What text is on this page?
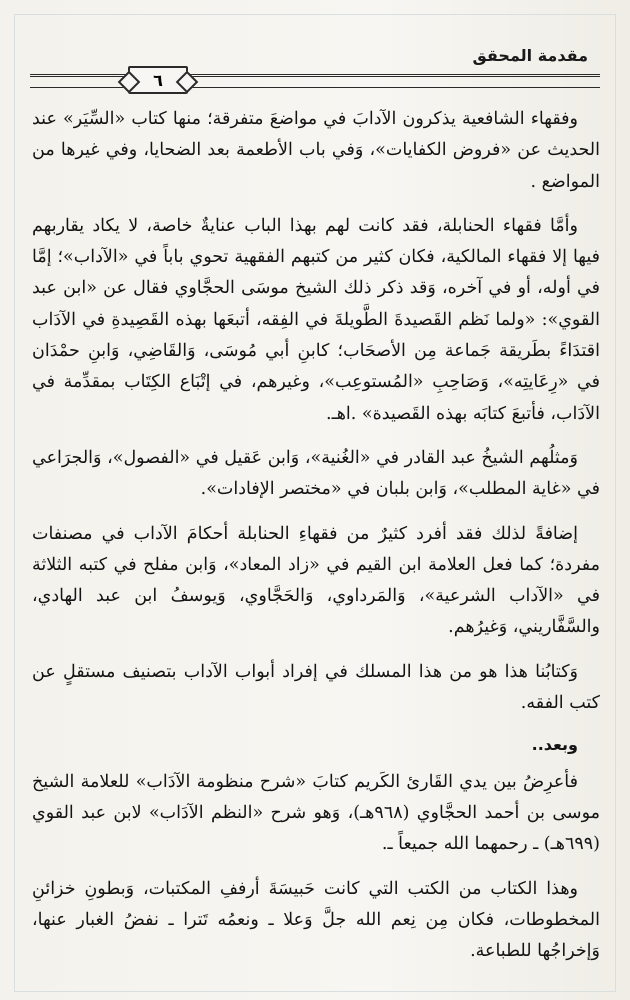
مقدمة المحقق
٦

وفقهاء الشافعية يذكرون الآدابَ في مواضعَ متفرقة؛ منها كتاب «السِّيَر» عند الحديث عن «فروض الكفايات»، وَفي باب الأطعمة بعد الضحايا، وفي غيرها من المواضع .

وأمَّا فقهاء الحنابلة، فقد كانت لهم بهذا الباب عنايةٌ خاصة، لا يكاد يقاربهم فيها إلا فقهاء المالكية، فكان كثير من كتبهم الفقهية تحوي باباً في «الآداب»؛ إمَّا في أوله، أو في آخره، وَقد ذكر ذلك الشيخ موسَى الحجَّاوي فقال عن «ابن عبد القوي»: «ولما نَظم القَصيدةَ الطَّويلةَ في الفِقه، أتبعَها بهذه القَصِيدةِ في الآدَاب اقتدَاءً بطَريقة جَماعة مِن الأصحَاب؛ كابنِ أبي مُوسَى، وَالقَاضِي، وَابنِ حمْدَان في «رِعَايتِه»، وَصَاحِبِ «المُستوعِب»، وغيرهم، في إتْبَاع الكِتَاب بمقدِّمة في الآدَاب، فأتبعَ كتابَه بهذه القَصيدة» .اهـ.

وَمثلُهم الشيخُ عبد القادر في «الغُنية»، وَابن عَقيل في «الفصول»، وَالجرَاعي في «غاية المطلب»، وَابن بلبان في «مختصر الإفادات».

إضافةً لذلك فقد أفرد كثيرٌ من فقهاءِ الحنابلة أحكامَ الآداب في مصنفات مفردة؛ كما فعل العلامة ابن القيم في «زاد المعاد»، وَابن مفلح في كتبه الثلاثة في «الآداب الشرعية»، وَالمَرداوي، وَالحَجَّاوي، وَيوسفُ ابن عبد الهادي، والسَّفَّاريني، وَغيرُهم.

وَكتابُنا هذا هو من هذا المسلك في إفراد أبواب الآداب بتصنيف مستقلٍ عن كتب الفقه.

وبعد..

فأعرِضُ بين يدي القَارئ الكَريم كتابَ «شرح منظومة الآدَاب» للعلامة الشيخ موسى بن أحمد الحجَّاوي (٩٦٨هـ)، وَهو شرح «النظم الآدَاب» لابن عبد القوي (٦٩٩هـ) ـ رحمهما الله جميعاً ـ.

وهذا الكتاب من الكتب التي كانت حَبيسَةَ أرففِ المكتبات، وَبطونِ خزائنِ المخطوطات، فكان مِن نِعم الله جلَّ وَعلا ـ ونعمُه تَترا ـ نفضُ الغبار عنها، وَإخراجُها للطباعة.
